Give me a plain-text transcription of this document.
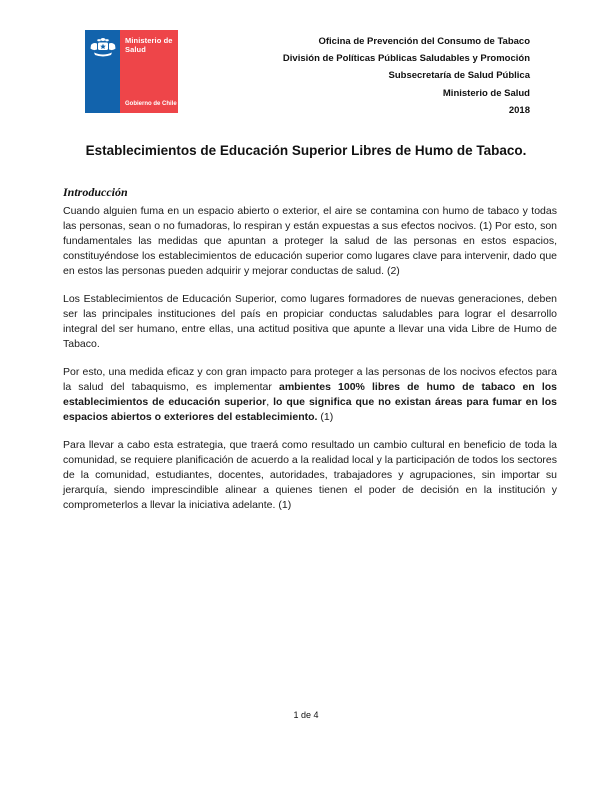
Ministerio de
Salud
Gobierno de Chile
Oficina de Prevención del Consumo de Tabaco
División de Políticas Públicas Saludables y Promoción
Subsecretaría de Salud Pública
Ministerio de Salud
2018
Establecimientos de Educación Superior Libres de Humo de Tabaco.
Introducción

Cuando alguien fuma en un espacio abierto o exterior, el aire se contamina con humo de tabaco y todas las personas, sean o no fumadoras, lo respiran y están expuestas a sus efectos nocivos. (1) Por esto, son fundamentales las medidas que apuntan a proteger la salud de las personas en estos espacios, constituyéndose los establecimientos de educación superior como lugares clave para intervenir, dado que en estos las personas pueden adquirir y mejorar conductas de salud. (2)

Los Establecimientos de Educación Superior, como lugares formadores de nuevas generaciones, deben ser las principales instituciones del país en propiciar conductas saludables para lograr el desarrollo integral del ser humano, entre ellas, una actitud positiva que apunte a llevar una vida Libre de Humo de Tabaco.

Por esto, una medida eficaz y con gran impacto para proteger a las personas de los nocivos efectos para la salud del tabaquismo, es implementar ambientes 100% libres de humo de tabaco en los establecimientos de educación superior, lo que significa que no existan áreas para fumar en los espacios abiertos o exteriores del establecimiento. (1)

Para llevar a cabo esta estrategia, que traerá como resultado un cambio cultural en beneficio de toda la comunidad, se requiere planificación de acuerdo a la realidad local y la participación de todos los sectores de la comunidad, estudiantes, docentes, autoridades, trabajadores y agrupaciones, sin importar su jerarquía, siendo imprescindible alinear a quienes tienen el poder de decisión en la institución y comprometerlos a llevar la iniciativa adelante. (1)

1 de 4
